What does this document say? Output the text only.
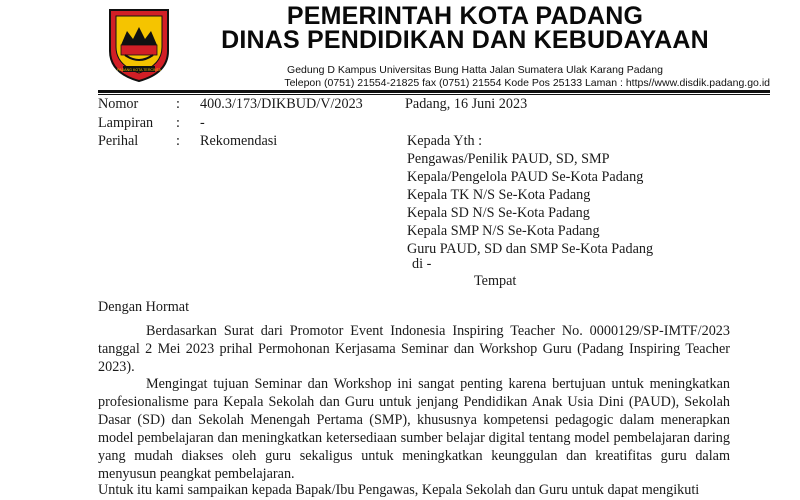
PADANG KOTA TERCINTA
PEMERINTAH KOTA PADANG
DINAS PENDIDIKAN DAN KEBUDAYAAN
Gedung D Kampus Universitas Bung Hatta Jalan Sumatera Ulak Karang Padang
Telepon (0751) 21554-21825 fax (0751) 21554 Kode Pos 25133 Laman : https//www.disdik.padang.go.id
Nomor	: 400.3/173/DIKBUD/V/2023	Padang, 16 Juni 2023
Lampiran : -
Perihal	: Rekomendasi	Kepada Yth :
Pengawas/Penilik PAUD, SD, SMP
Kepala/Pengelola PAUD Se-Kota Padang
Kepala TK N/S Se-Kota Padang
Kepala SD N/S Se-Kota Padang
Kepala SMP N/S Se-Kota Padang
Guru PAUD, SD dan SMP Se-Kota Padang
di -
Tempat
Dengan Hormat

Berdasarkan Surat dari Promotor Event Indonesia Inspiring Teacher No. 0000129/SP-IMTF/2023 tanggal 2 Mei 2023 prihal Permohonan Kerjasama Seminar dan Workshop Guru (Padang Inspiring Teacher 2023).

Mengingat tujuan Seminar dan Workshop ini sangat penting karena bertujuan untuk meningkatkan profesionalisme para Kepala Sekolah dan Guru untuk jenjang Pendidikan Anak Usia Dini (PAUD), Sekolah Dasar (SD) dan Sekolah Menengah Pertama (SMP), khususnya kompetensi pedagogic dalam menerapkan model pembelajaran dan meningkatkan ketersediaan sumber belajar digital tentang model pembelajaran daring yang mudah diakses oleh guru sekaligus untuk meningkatkan keunggulan dan kreatifitas guru dalam menyusun peangkat pembelajaran.

Untuk itu kami sampaikan kepada Bapak/Ibu Pengawas, Kepala Sekolah dan Guru untuk dapat mengikuti
